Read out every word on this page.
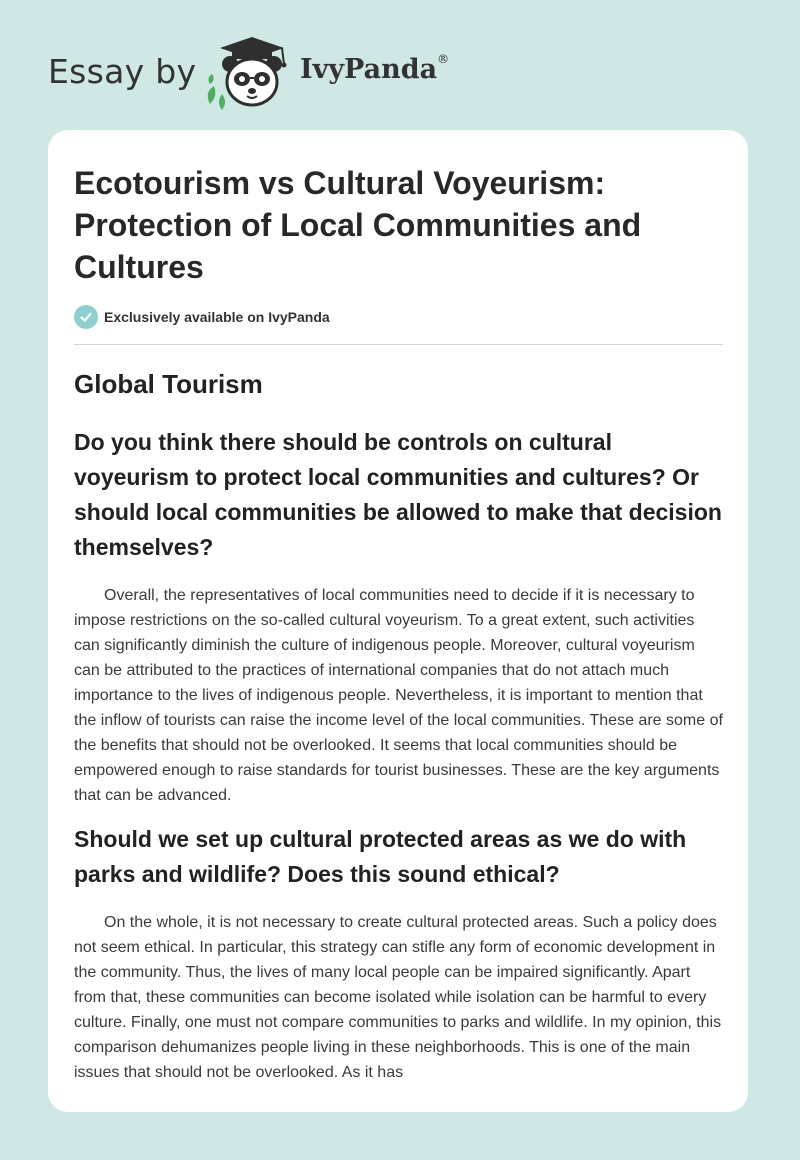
Essay by	IvyPanda®
Ecotourism vs Cultural Voyeurism: Protection of Local Communities and Cultures
Exclusively available on IvyPanda
Global Tourism
Do you think there should be controls on cultural voyeurism to protect local communities and cultures? Or should local communities be allowed to make that decision themselves?

Overall, the representatives of local communities need to decide if it is necessary to impose restrictions on the so-called cultural voyeurism. To a great extent, such activities can significantly diminish the culture of indigenous people. Moreover, cultural voyeurism can be attributed to the practices of international companies that do not attach much importance to the lives of indigenous people. Nevertheless, it is important to mention that the inflow of tourists can raise the income level of the local communities. These are some of the benefits that should not be overlooked. It seems that local communities should be empowered enough to raise standards for tourist businesses. These are the key arguments that can be advanced.

Should we set up cultural protected areas as we do with parks and wildlife? Does this sound ethical?

On the whole, it is not necessary to create cultural protected areas. Such a policy does not seem ethical. In particular, this strategy can stifle any form of economic development in the community. Thus, the lives of many local people can be impaired significantly. Apart from that, these communities can become isolated while isolation can be harmful to every culture. Finally, one must not compare communities to parks and wildlife. In my opinion, this comparison dehumanizes people living in these neighborhoods. This is one of the main issues that should not be overlooked. As it has
